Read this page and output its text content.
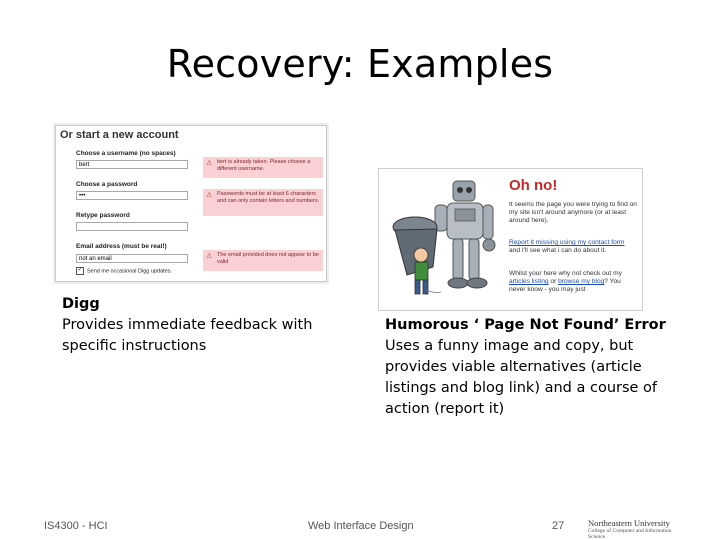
Recovery: Examples
Or start a new account
Choose a username (no spaces)
bert	⚠ bert is already taken. Please choose a different username.
Choose a password
•••	⚠ Passwords must be at least 6 characters and can only contain letters and numbers.
Retype password
Email address (must be real!)
not an email	⚠ The email provided does not appear to be valid
✓ Send me occasional Digg updates.
Oh no!
It seems the page you were trying to find on my site isn't around anymore (or at least around here).
Report it missing using my contact form and I'll see what i can do about it.
Whilst your here why not check out my articles listing or browse my blog? You never know - you may just
Digg
Provides immediate feedback with specific instructions
Humorous ‘ Page Not Found’ Error
Uses a funny image and copy, but provides viable alternatives (article listings and blog link) and a course of action (report it)
IS4300 - HCI	Web Interface Design	27	Northeastern University
College of Computer and Information Science
